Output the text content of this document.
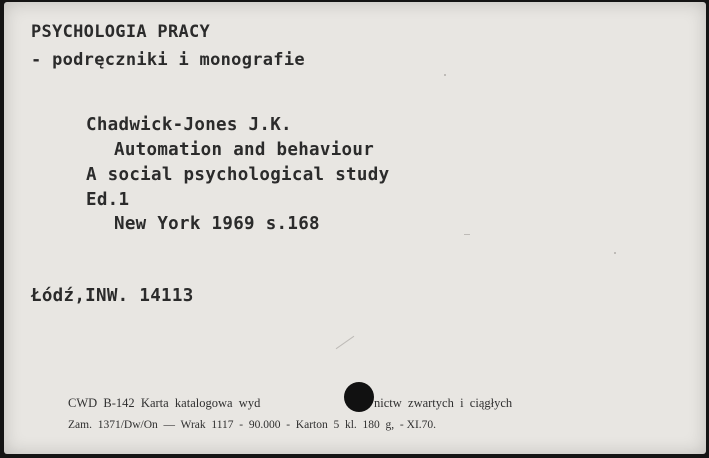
PSYCHOLOGIA PRACY
- podręczniki i monografie
Chadwick-Jones J.K.
Automation and behaviour
A social psychological study
Ed.1
New York 1969 s.168
Łódź,INW. 14113
CWD  B-142  Karta  katalogowa  wyd	nictw  zwartych  i  ciągłych
Zam.  1371/Dw/On  —  Wrak  1117  -  90.000  -  Karton  5  kl.  180  g,  - XI.70.
